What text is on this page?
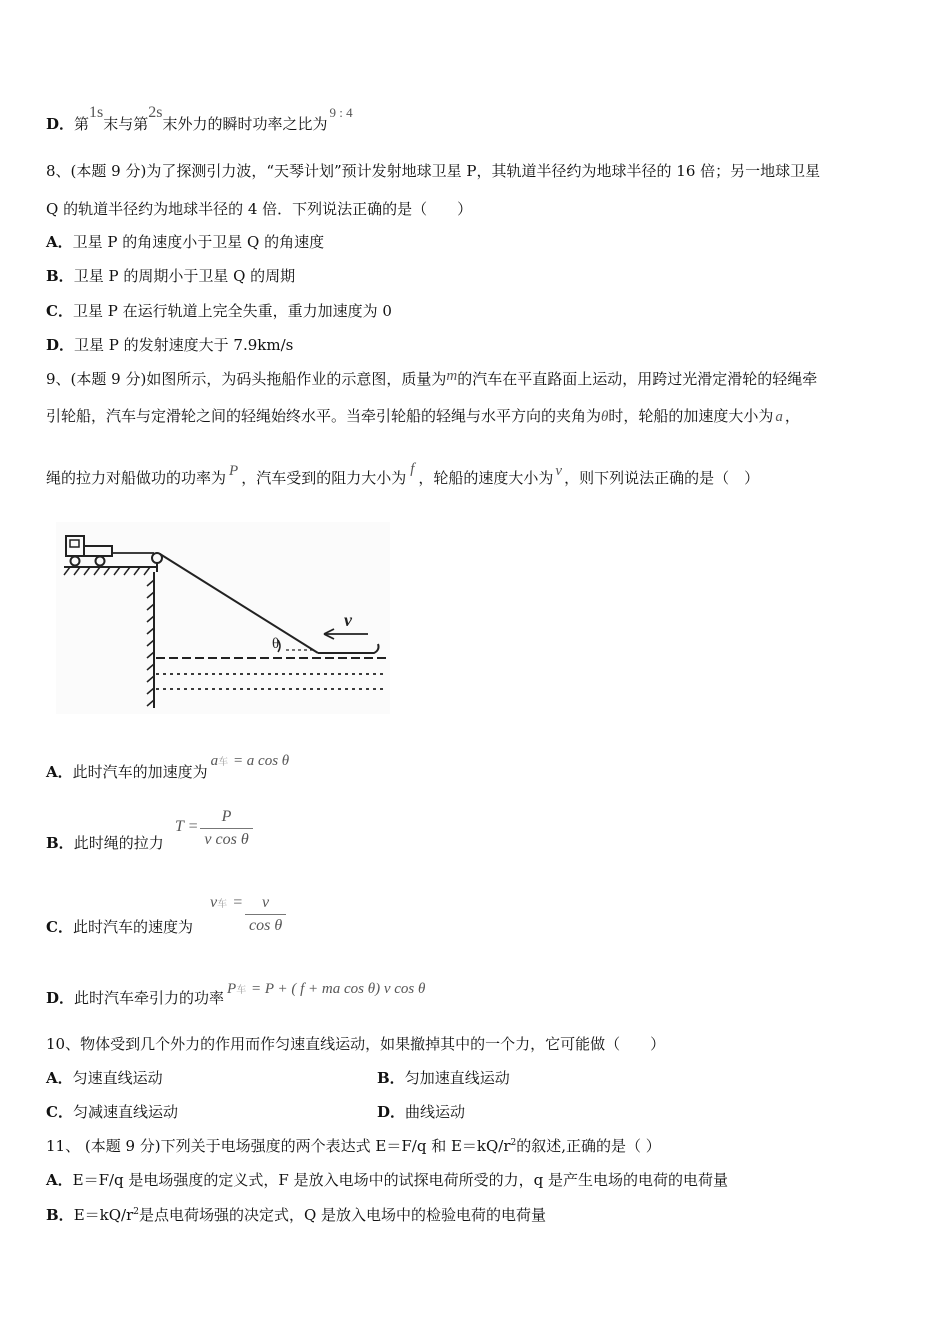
D．第1s末与第2s末外力的瞬时功率之比为9 : 4
8、(本题 9 分)为了探测引力波，“天琴计划”预计发射地球卫星 P，其轨道半径约为地球半径的 16 倍；另一地球卫星
Q 的轨道半径约为地球半径的 4 倍．下列说法正确的是（　　）
A．卫星 P 的角速度小于卫星 Q 的角速度
B．卫星 P 的周期小于卫星 Q 的周期
C．卫星 P 在运行轨道上完全失重，重力加速度为 0
D．卫星 P 的发射速度大于 7.9km/s
9、(本题 9 分)如图所示，为码头拖船作业的示意图，质量为m的汽车在平直路面上运动，用跨过光滑定滑轮的轻绳牵
引轮船，汽车与定滑轮之间的轻绳始终水平。当牵引轮船的轻绳与水平方向的夹角为θ时，轮船的加速度大小为 a ，
绳的拉力对船做功的功率为 P ，汽车受到的阻力大小为 f ，轮船的速度大小为 v ，则下列说法正确的是（　）
θ
v
A．此时汽车的加速度为a车 = a cos θ
B．此时绳的拉力
$T = \frac{P}{\text{v cos θ}}$
C．此时汽车的速度为
v车 = $\frac{v}{\text{cos θ}}$
D．此时汽车牵引力的功率 P车 = P + ( f + ma cos θ) v cos θ
10、物体受到几个外力的作用而作匀速直线运动，如果撤掉其中的一个力，它可能做（　　）
A．匀速直线运动	B．匀加速直线运动
C．匀减速直线运动	D．曲线运动
11、 (本题 9 分)下列关于电场强度的两个表达式 E＝F/q 和 $E=kQ/r^2$的叙述,正确的是（ ）
A．E＝F/q 是电场强度的定义式，F 是放入电场中的试探电荷所受的力，q 是产生电场的电荷的电荷量
B．$E=kQ/r^2$是点电荷场强的决定式，Q 是放入电场中的检验电荷的电荷量
